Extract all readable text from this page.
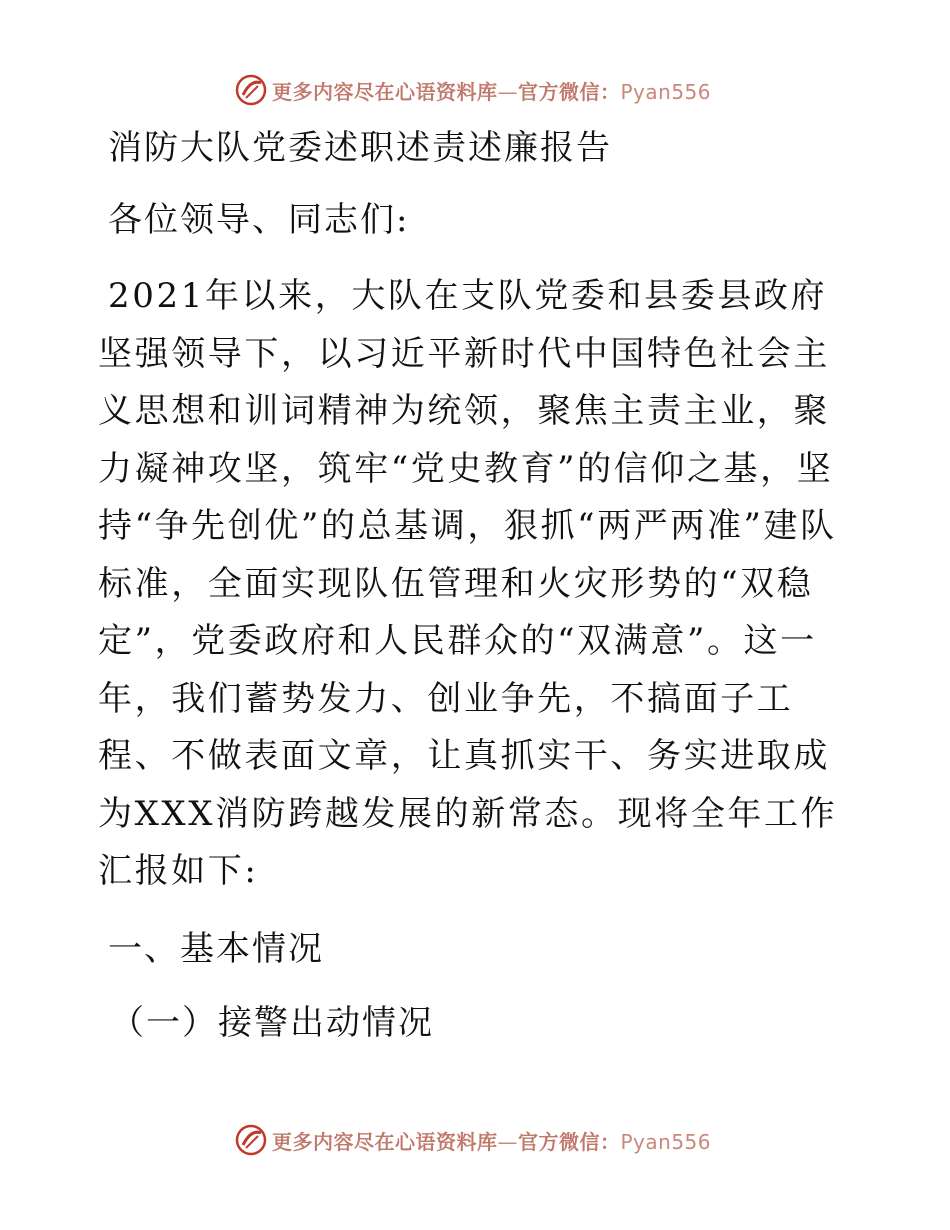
更多内容尽在心语资料库—官方微信：Pyan556

消防大队党委述职述责述廉报告

各位领导、同志们:

2021年以来，大队在支队党委和县委县政府坚强领导下，以习近平新时代中国特色社会主义思想和训词精神为统领，聚焦主责主业，聚力凝神攻坚，筑牢“党史教育”的信仰之基，坚持“争先创优”的总基调，狠抓“两严两准”建队标准，全面实现队伍管理和火灾形势的“双稳定”，党委政府和人民群众的“双满意”。这一年，我们蓄势发力、创业争先，不搞面子工程、不做表面文章，让真抓实干、务实进取成为XXX消防跨越发展的新常态。现将全年工作汇报如下:

一、基本情况

（一）接警出动情况

更多内容尽在心语资料库—官方微信：Pyan556
